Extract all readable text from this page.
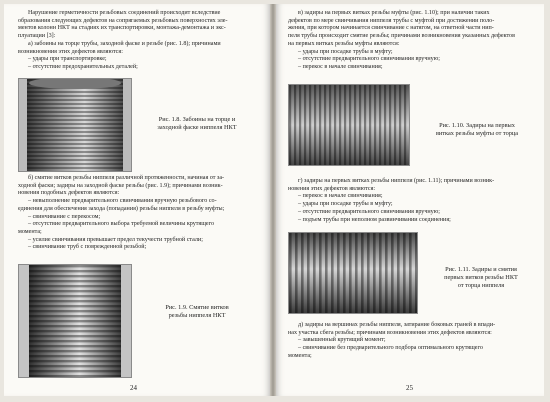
Нарушение герметичности резьбовых соединений происходит вследствие

образования следующих дефектов на сопрягаемых резьбовых поверхностях эле-

ментов колонн НКТ на стадиях их транспортировки, монтажа-демонтажа и экс-

плуатации [3]:

а) забоины на торце трубы, заходной фаске и резьбе (рис. 1.8); причинами

возникновения этих дефектов являются:

– удары при транспортировке;

– отсутствие предохранительных деталей;

Рис. 1.8. Забоины на торце и
заходной фаске ниппеля НКТ

б) смятие витков резьбы ниппеля различной протяженности, начиная от за-

ходной фаски; задиры на заходной фаске резьбы (рис. 1.9); причинами возник-

новения подобных дефектов являются:

– невыполнение предварительного свинчивания вручную резьбового со-

единения для обеспечения захода (попадания) резьбы ниппеля в резьбу муфты;

– свинчивание с перекосом;

– отсутствие предварительного выбора требуемой величины крутящего

момента;

– усилие свинчивания превышает предел текучести трубной стали;

– свинчивание труб с поврежденной резьбой;

Рис. 1.9. Смятие витков
резьбы ниппеля НКТ
24

в) задиры на первых витках резьбы муфты (рис. 1.10); при наличии таких

дефектов по мере свинчивания ниппеля трубы с муфтой при достижении поло-

жения, при котором начинается свинчивание с натягом, на ответной части нип-

пеля трубы происходит смятие резьбы; причинами возникновения указанных дефектов

на первых витках резьбы муфты являются:

– удары при посадке трубы в муфту;

– отсутствие предварительного свинчивания вручную;

– перекос в начале свинчивания;

Рис. 1.10. Задиры на первых
витках резьбы муфты от торца

г) задиры на первых витках резьбы ниппеля (рис. 1.11); причинами возник-

новения этих дефектов являются:

– перекос в начале свинчивания;

– удары при посадке трубы в муфту;

– отсутствие предварительного свинчивания вручную;

– подъем трубы при неполном развинчивании соединения;

Рис. 1.11. Задиры и смятия
первых витков резьбы НКТ
от торца ниппеля

д) задиры на вершинах резьбы ниппеля, затирание боковых граней в впади-

нах участка сбега резьбы; причинами возникновения этих дефектов являются:

– завышенный крутящий момент;

– свинчивание без предварительного подбора оптимального крутящего

момента;

25
